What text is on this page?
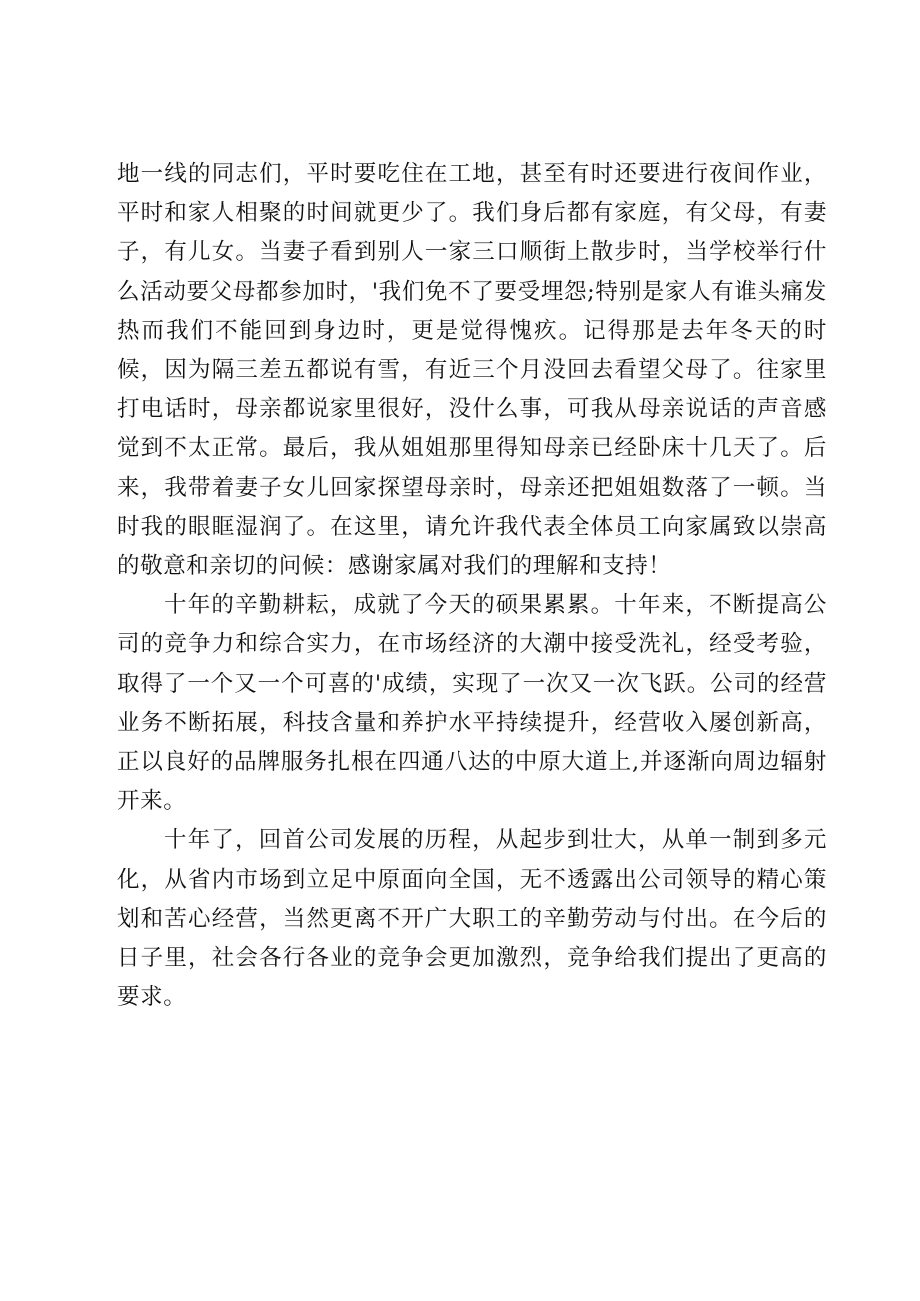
地一线的同志们，平时要吃住在工地，甚至有时还要进行夜间作业，平时和家人相聚的时间就更少了。我们身后都有家庭，有父母，有妻子，有儿女。当妻子看到别人一家三口顺街上散步时，当学校举行什么活动要父母都参加时，'我们免不了要受埋怨;特别是家人有谁头痛发热而我们不能回到身边时，更是觉得愧疚。记得那是去年冬天的时候，因为隔三差五都说有雪，有近三个月没回去看望父母了。往家里打电话时，母亲都说家里很好，没什么事，可我从母亲说话的声音感觉到不太正常。最后，我从姐姐那里得知母亲已经卧床十几天了。后来，我带着妻子女儿回家探望母亲时，母亲还把姐姐数落了一顿。当时我的眼眶湿润了。在这里，请允许我代表全体员工向家属致以崇高的敬意和亲切的问候：感谢家属对我们的理解和支持！

十年的辛勤耕耘，成就了今天的硕果累累。十年来，不断提高公司的竞争力和综合实力，在市场经济的大潮中接受洗礼，经受考验，取得了一个又一个可喜的'成绩，实现了一次又一次飞跃。公司的经营业务不断拓展，科技含量和养护水平持续提升，经营收入屡创新高，正以良好的品牌服务扎根在四通八达的中原大道上,并逐渐向周边辐射开来。

十年了，回首公司发展的历程，从起步到壮大，从单一制到多元化，从省内市场到立足中原面向全国，无不透露出公司领导的精心策划和苦心经营，当然更离不开广大职工的辛勤劳动与付出。在今后的日子里，社会各行各业的竞争会更加激烈，竞争给我们提出了更高的要求。
